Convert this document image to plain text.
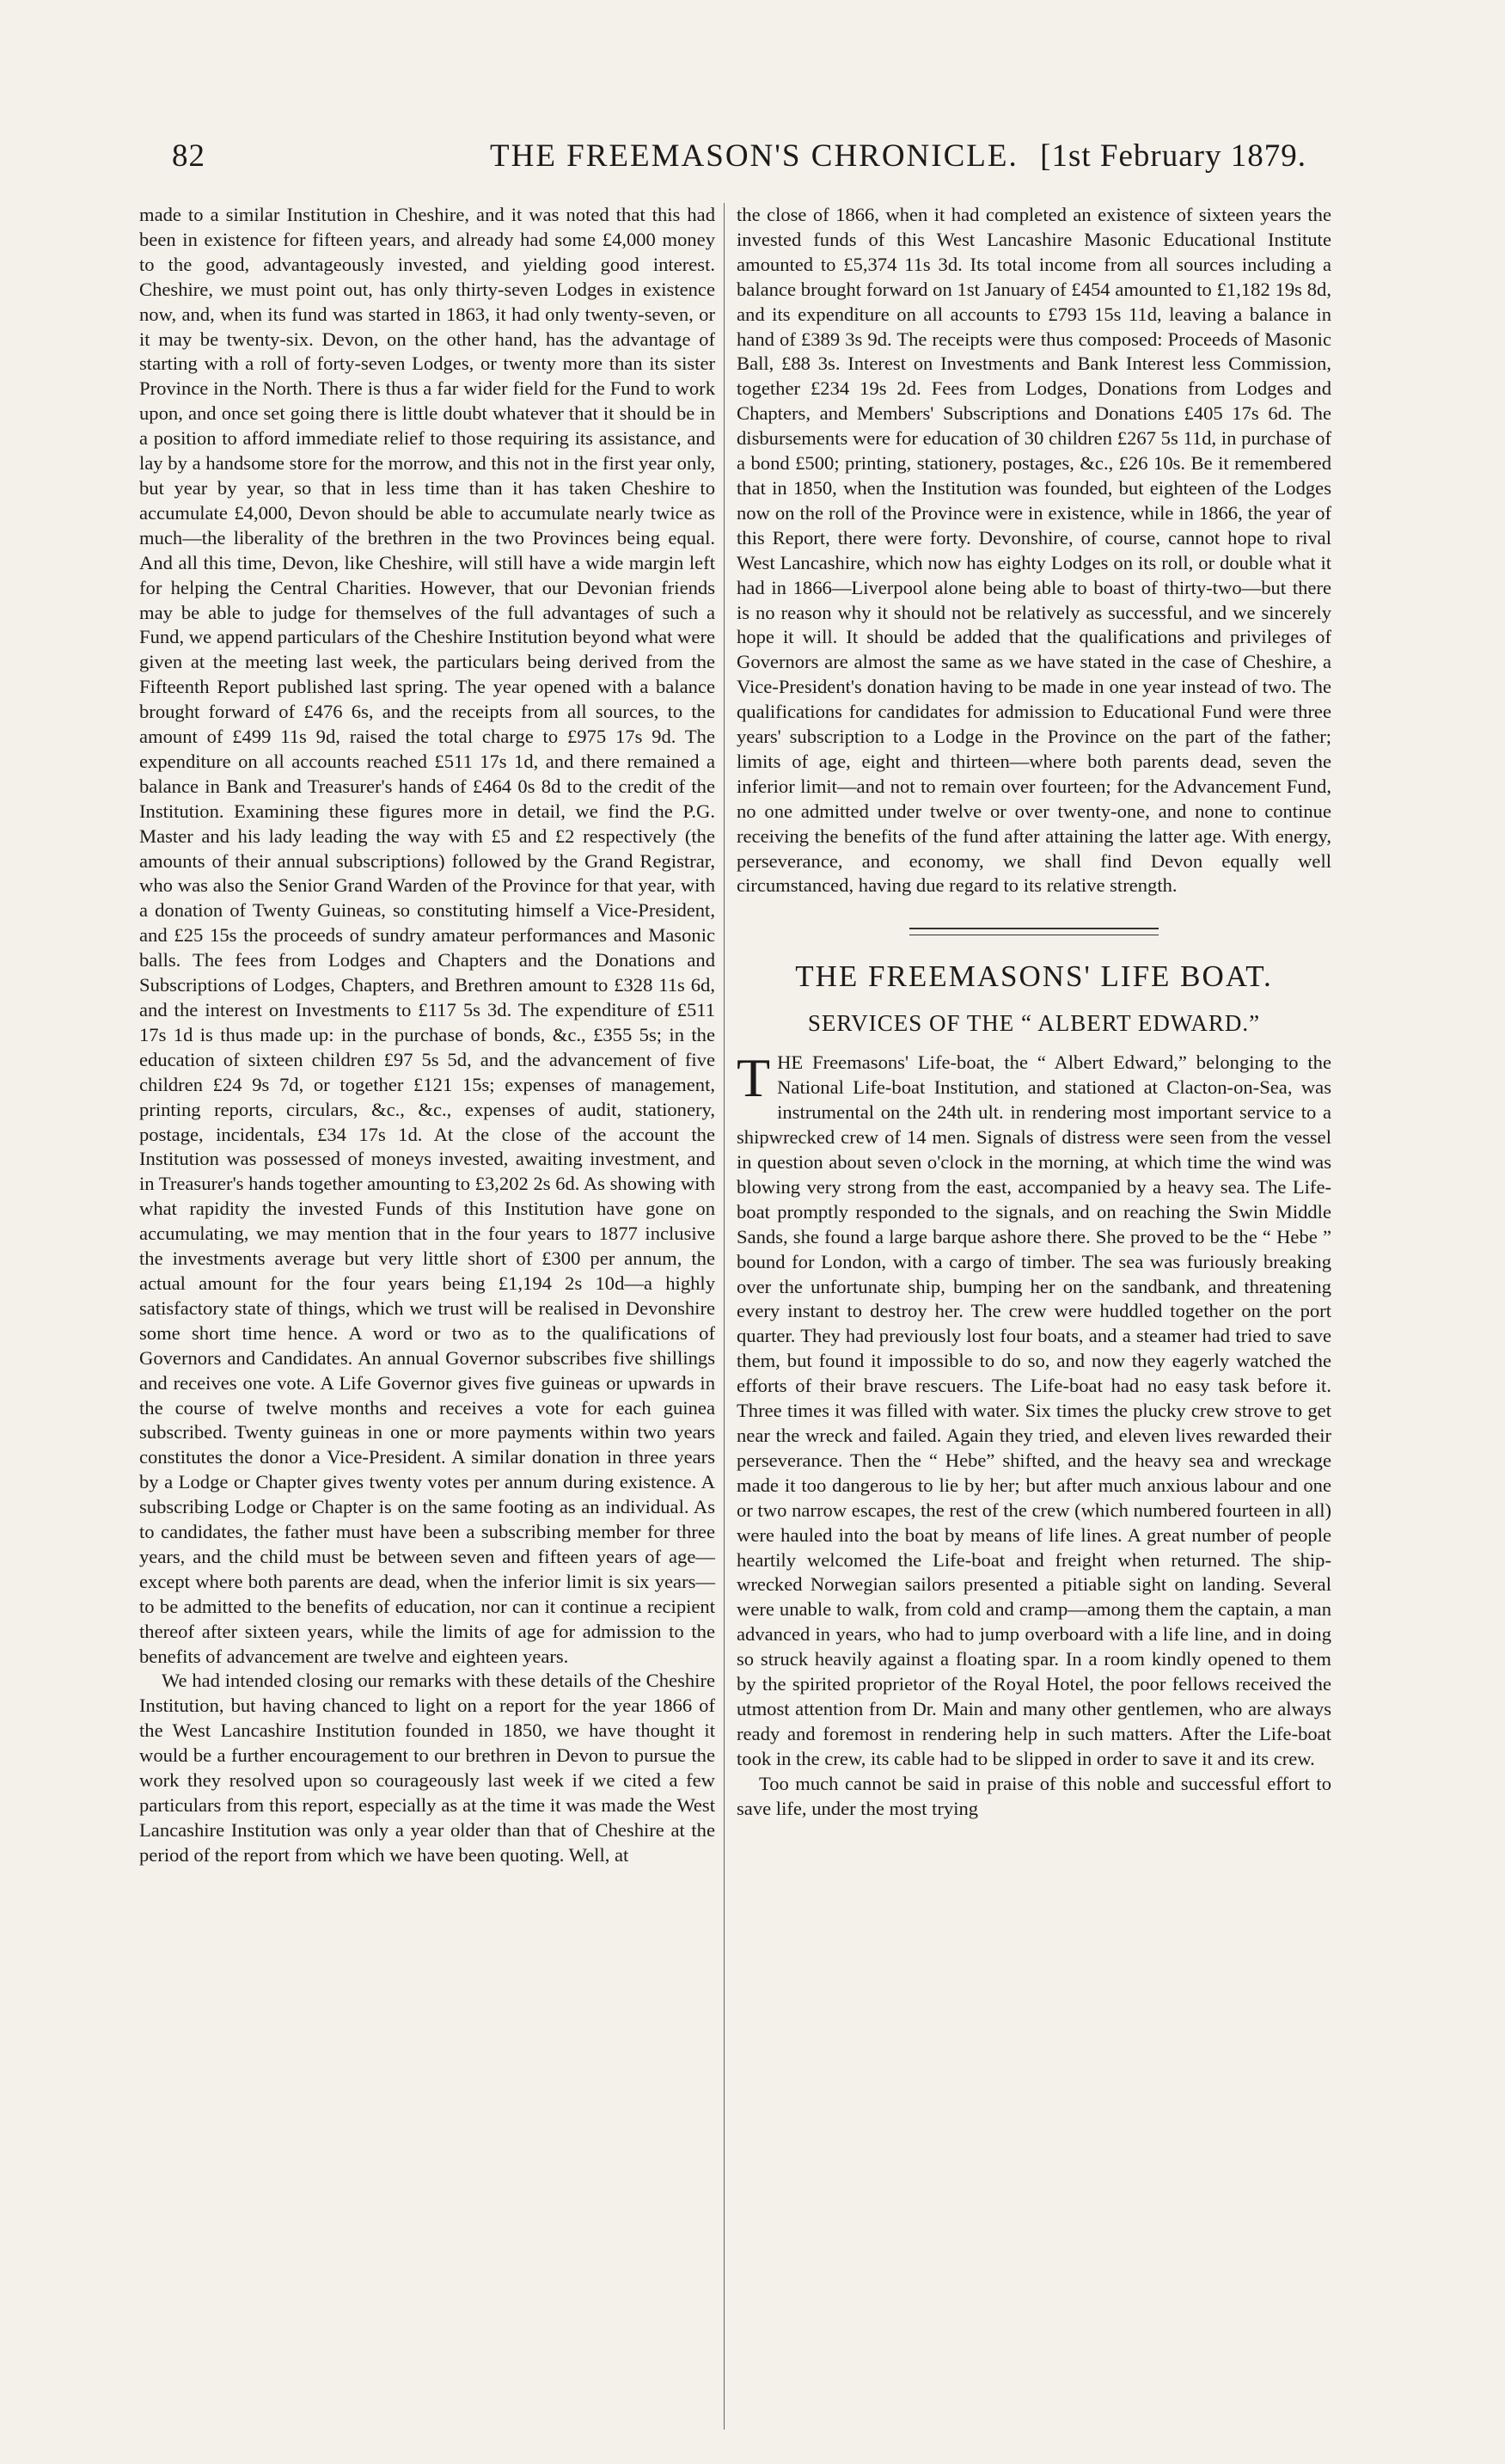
82	THE FREEMASON'S CHRONICLE. [1st February 1879.

made to a similar Institution in Cheshire, and it was noted that this had been in existence for fifteen years, and already had some £4,000 money to the good, advantageously invested, and yielding good interest. Cheshire, we must point out, has only thirty-seven Lodges in existence now, and, when its fund was started in 1863, it had only twenty-seven, or it may be twenty-six. Devon, on the other hand, has the advantage of starting with a roll of forty-seven Lodges, or twenty more than its sister Province in the North. There is thus a far wider field for the Fund to work upon, and once set going there is little doubt whatever that it should be in a position to afford immediate relief to those requiring its assistance, and lay by a handsome store for the morrow, and this not in the first year only, but year by year, so that in less time than it has taken Cheshire to accumulate £4,000, Devon should be able to accumulate nearly twice as much—the liberality of the brethren in the two Provinces being equal. And all this time, Devon, like Cheshire, will still have a wide margin left for helping the Central Charities. However, that our Devonian friends may be able to judge for themselves of the full advantages of such a Fund, we append particulars of the Cheshire Institution beyond what were given at the meeting last week, the particulars being derived from the Fifteenth Report published last spring. The year opened with a balance brought forward of £476 6s, and the receipts from all sources, to the amount of £499 11s 9d, raised the total charge to £975 17s 9d. The expenditure on all accounts reached £511 17s 1d, and there remained a balance in Bank and Treasurer's hands of £464 0s 8d to the credit of the Institution. Examining these figures more in detail, we find the P.G. Master and his lady leading the way with £5 and £2 respectively (the amounts of their annual subscriptions) followed by the Grand Registrar, who was also the Senior Grand Warden of the Province for that year, with a donation of Twenty Guineas, so constituting himself a Vice-President, and £25 15s the proceeds of sundry amateur performances and Masonic balls. The fees from Lodges and Chapters and the Donations and Subscriptions of Lodges, Chapters, and Brethren amount to £328 11s 6d, and the interest on Investments to £117 5s 3d. The expenditure of £511 17s 1d is thus made up: in the purchase of bonds, &c., £355 5s; in the education of sixteen children £97 5s 5d, and the advancement of five children £24 9s 7d, or together £121 15s; expenses of management, printing reports, circulars, &c., &c., expenses of audit, stationery, postage, incidentals, £34 17s 1d. At the close of the account the Institution was possessed of moneys invested, awaiting investment, and in Treasurer's hands together amounting to £3,202 2s 6d. As showing with what rapidity the invested Funds of this Institution have gone on accumulating, we may mention that in the four years to 1877 inclusive the investments average but very little short of £300 per annum, the actual amount for the four years being £1,194 2s 10d—a highly satisfactory state of things, which we trust will be realised in Devonshire some short time hence. A word or two as to the qualifications of Governors and Candidates. An annual Governor subscribes five shillings and receives one vote. A Life Governor gives five guineas or upwards in the course of twelve months and receives a vote for each guinea subscribed. Twenty guineas in one or more payments within two years constitutes the donor a Vice-President. A similar donation in three years by a Lodge or Chapter gives twenty votes per annum during existence. A subscribing Lodge or Chapter is on the same footing as an individual. As to candidates, the father must have been a subscribing member for three years, and the child must be between seven and fifteen years of age—except where both parents are dead, when the inferior limit is six years—to be admitted to the benefits of education, nor can it continue a recipient thereof after sixteen years, while the limits of age for admission to the benefits of advancement are twelve and eighteen years.

We had intended closing our remarks with these details of the Cheshire Institution, but having chanced to light on a report for the year 1866 of the West Lancashire Institution founded in 1850, we have thought it would be a further encouragement to our brethren in Devon to pursue the work they resolved upon so courageously last week if we cited a few particulars from this report, especially as at the time it was made the West Lancashire Institution was only a year older than that of Cheshire at the period of the report from which we have been quoting. Well, at

the close of 1866, when it had completed an existence of sixteen years the invested funds of this West Lancashire Masonic Educational Institute amounted to £5,374 11s 3d. Its total income from all sources including a balance brought forward on 1st January of £454 amounted to £1,182 19s 8d, and its expenditure on all accounts to £793 15s 11d, leaving a balance in hand of £389 3s 9d. The receipts were thus composed: Proceeds of Masonic Ball, £88 3s. Interest on Investments and Bank Interest less Commission, together £234 19s 2d. Fees from Lodges, Donations from Lodges and Chapters, and Members' Subscriptions and Donations £405 17s 6d. The disbursements were for education of 30 children £267 5s 11d, in purchase of a bond £500; printing, stationery, postages, &c., £26 10s. Be it remembered that in 1850, when the Institution was founded, but eighteen of the Lodges now on the roll of the Province were in existence, while in 1866, the year of this Report, there were forty. Devonshire, of course, cannot hope to rival West Lancashire, which now has eighty Lodges on its roll, or double what it had in 1866—Liverpool alone being able to boast of thirty-two—but there is no reason why it should not be relatively as successful, and we sincerely hope it will. It should be added that the qualifications and privileges of Governors are almost the same as we have stated in the case of Cheshire, a Vice-President's donation having to be made in one year instead of two. The qualifications for candidates for admission to Educational Fund were three years' subscription to a Lodge in the Province on the part of the father; limits of age, eight and thirteen—where both parents dead, seven the inferior limit—and not to remain over fourteen; for the Advancement Fund, no one admitted under twelve or over twenty-one, and none to continue receiving the benefits of the fund after attaining the latter age. With energy, perseverance, and economy, we shall find Devon equally well circumstanced, having due regard to its relative strength.

THE FREEMASONS' LIFE BOAT.
SERVICES OF THE “ ALBERT EDWARD.”

THE Freemasons' Life-boat, the “ Albert Edward,” belonging to the National Life-boat Institution, and stationed at Clacton-on-Sea, was instrumental on the 24th ult. in rendering most important service to a shipwrecked crew of 14 men. Signals of distress were seen from the vessel in question about seven o'clock in the morning, at which time the wind was blowing very strong from the east, accompanied by a heavy sea. The Life-boat promptly responded to the signals, and on reaching the Swin Middle Sands, she found a large barque ashore there. She proved to be the “ Hebe ” bound for London, with a cargo of timber. The sea was furiously breaking over the unfortunate ship, bumping her on the sandbank, and threatening every instant to destroy her. The crew were huddled together on the port quarter. They had previously lost four boats, and a steamer had tried to save them, but found it impossible to do so, and now they eagerly watched the efforts of their brave rescuers. The Life-boat had no easy task before it. Three times it was filled with water. Six times the plucky crew strove to get near the wreck and failed. Again they tried, and eleven lives rewarded their perseverance. Then the “ Hebe” shifted, and the heavy sea and wreckage made it too dangerous to lie by her; but after much anxious labour and one or two narrow escapes, the rest of the crew (which numbered fourteen in all) were hauled into the boat by means of life lines. A great number of people heartily welcomed the Life-boat and freight when returned. The ship-wrecked Norwegian sailors presented a pitiable sight on landing. Several were unable to walk, from cold and cramp—among them the captain, a man advanced in years, who had to jump overboard with a life line, and in doing so struck heavily against a floating spar. In a room kindly opened to them by the spirited proprietor of the Royal Hotel, the poor fellows received the utmost attention from Dr. Main and many other gentlemen, who are always ready and foremost in rendering help in such matters. After the Life-boat took in the crew, its cable had to be slipped in order to save it and its crew.

Too much cannot be said in praise of this noble and successful effort to save life, under the most trying
